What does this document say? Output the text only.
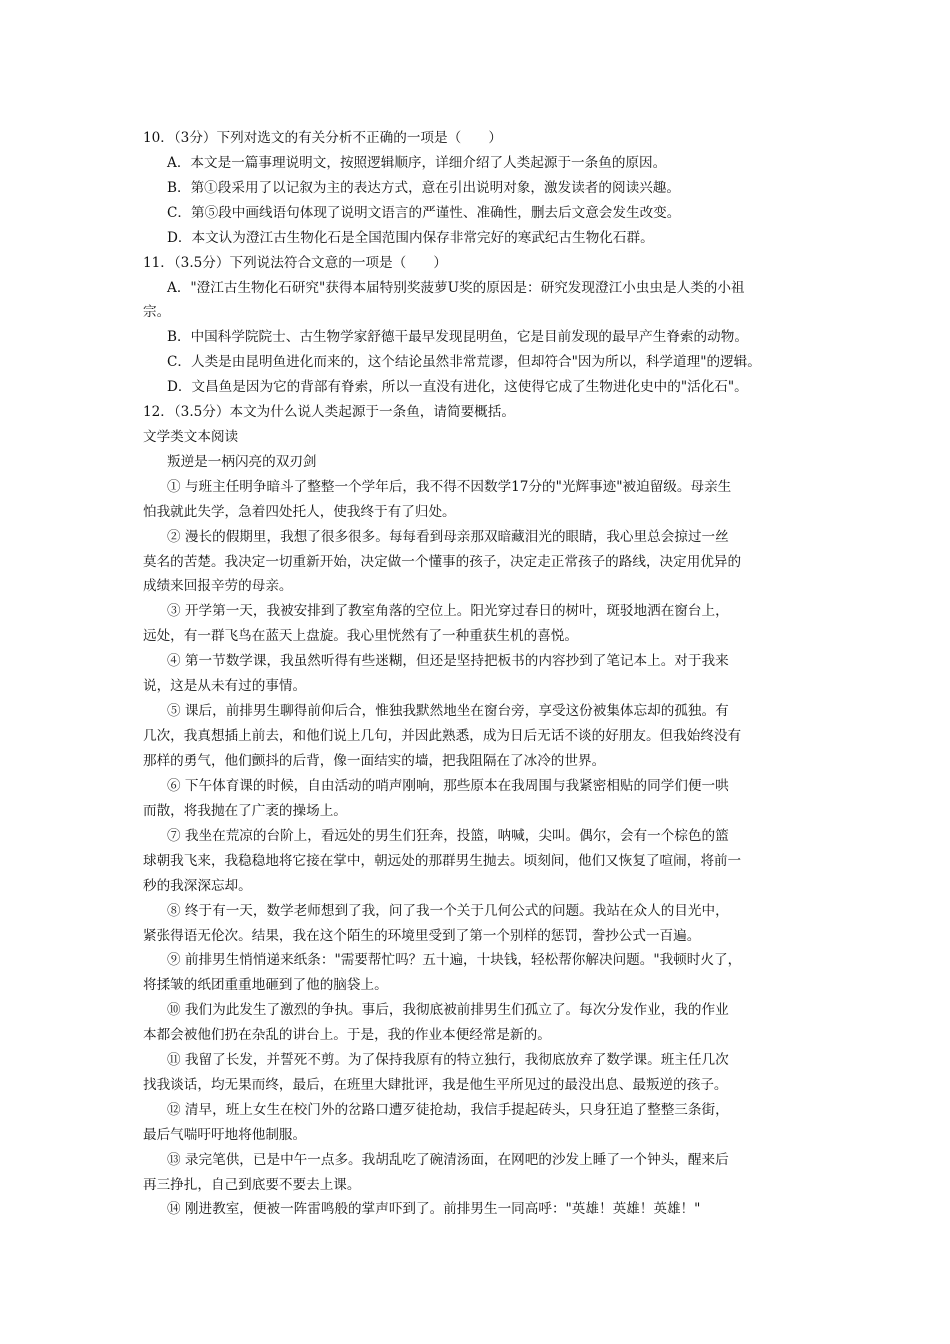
10．（3分）下列对选文的有关分析不正确的一项是（　　）
A．本文是一篇事理说明文，按照逻辑顺序，详细介绍了人类起源于一条鱼的原因。
B．第①段采用了以记叙为主的表达方式，意在引出说明对象，激发读者的阅读兴趣。
C．第⑤段中画线语句体现了说明文语言的严谨性、准确性，删去后文意会发生改变。
D．本文认为澄江古生物化石是全国范围内保存非常完好的寒武纪古生物化石群。
11．（3.5分）下列说法符合文意的一项是（　　）
A．"澄江古生物化石研究"获得本届特别奖菠萝U奖的原因是：研究发现澄江小虫虫是人类的小祖
宗。
B．中国科学院院士、古生物学家舒德干最早发现昆明鱼，它是目前发现的最早产生脊索的动物。
C．人类是由昆明鱼进化而来的，这个结论虽然非常荒谬，但却符合"因为所以，科学道理"的逻辑。
D．文昌鱼是因为它的背部有脊索，所以一直没有进化，这使得它成了生物进化史中的"活化石"。
12．（3.5分）本文为什么说人类起源于一条鱼，请简要概括。
文学类文本阅读
叛逆是一柄闪亮的双刃剑
① 与班主任明争暗斗了整整一个学年后，我不得不因数学17分的"光辉事迹"被迫留级。母亲生
怕我就此失学，急着四处托人，使我终于有了归处。
② 漫长的假期里，我想了很多很多。每每看到母亲那双暗藏泪光的眼睛，我心里总会掠过一丝
莫名的苦楚。我决定一切重新开始，决定做一个懂事的孩子，决定走正常孩子的路线，决定用优异的
成绩来回报辛劳的母亲。
③ 开学第一天，我被安排到了教室角落的空位上。阳光穿过春日的树叶，斑驳地洒在窗台上，
远处，有一群飞鸟在蓝天上盘旋。我心里恍然有了一种重获生机的喜悦。
④ 第一节数学课，我虽然听得有些迷糊，但还是坚持把板书的内容抄到了笔记本上。对于我来
说，这是从未有过的事情。
⑤ 课后，前排男生聊得前仰后合，惟独我默然地坐在窗台旁，享受这份被集体忘却的孤独。有
几次，我真想插上前去，和他们说上几句，并因此熟悉，成为日后无话不谈的好朋友。但我始终没有
那样的勇气，他们颤抖的后背，像一面结实的墙，把我阻隔在了冰冷的世界。
⑥ 下午体育课的时候，自由活动的哨声刚响，那些原本在我周围与我紧密相贴的同学们便一哄
而散，将我抛在了广袤的操场上。
⑦ 我坐在荒凉的台阶上，看远处的男生们狂奔，投篮，呐喊，尖叫。偶尔，会有一个棕色的篮
球朝我飞来，我稳稳地将它接在掌中，朝远处的那群男生抛去。顷刻间，他们又恢复了喧闹，将前一
秒的我深深忘却。
⑧ 终于有一天，数学老师想到了我，问了我一个关于几何公式的问题。我站在众人的目光中，
紧张得语无伦次。结果，我在这个陌生的环境里受到了第一个别样的惩罚，誊抄公式一百遍。
⑨ 前排男生悄悄递来纸条："需要帮忙吗？五十遍，十块钱，轻松帮你解决问题。"我顿时火了，
将揉皱的纸团重重地砸到了他的脑袋上。
⑩ 我们为此发生了激烈的争执。事后，我彻底被前排男生们孤立了。每次分发作业，我的作业
本都会被他们扔在杂乱的讲台上。于是，我的作业本便经常是新的。
⑪ 我留了长发，并誓死不剪。为了保持我原有的特立独行，我彻底放弃了数学课。班主任几次
找我谈话，均无果而终，最后，在班里大肆批评，我是他生平所见过的最没出息、最叛逆的孩子。
⑫ 清早，班上女生在校门外的岔路口遭歹徒抢劫，我信手提起砖头，只身狂追了整整三条街，
最后气喘吁吁地将他制服。
⑬ 录完笔供，已是中午一点多。我胡乱吃了碗清汤面，在网吧的沙发上睡了一个钟头，醒来后
再三挣扎，自己到底要不要去上课。
⑭ 刚进教室，便被一阵雷鸣般的掌声吓到了。前排男生一同高呼："英雄！英雄！英雄！"
